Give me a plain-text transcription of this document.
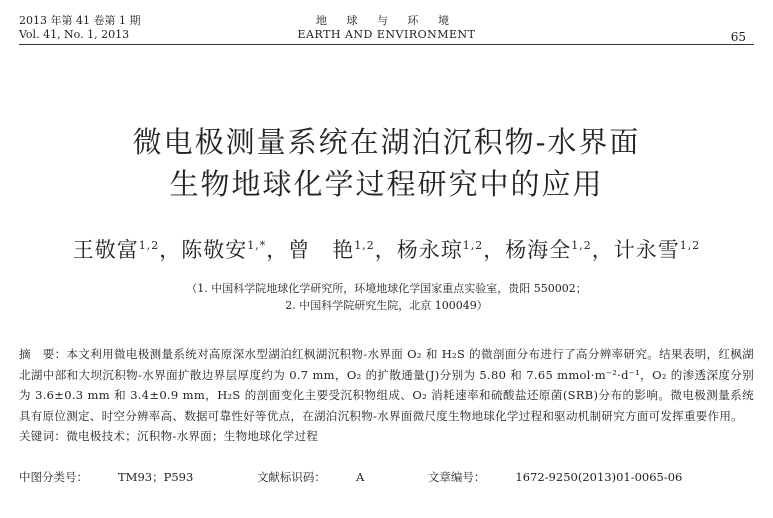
2013 年第 41 卷第 1 期
Vol. 41, No. 1, 2013
地 球 与 环 境
EARTH AND ENVIRONMENT	65
微电极测量系统在湖泊沉积物-水界面
生物地球化学过程研究中的应用
王敬富$^{1,2}$，陈敬安$^{1,*}$，曾　艳$^{1,2}$，杨永琼$^{1,2}$，杨海全$^{1,2}$，计永雪$^{1,2}$
（1. 中国科学院地球化学研究所，环境地球化学国家重点实验室，贵阳 550002；
2. 中国科学院研究生院，北京 100049）

摘　要：本文利用微电极测量系统对高原深水型湖泊红枫湖沉积物-水界面 O₂ 和 H₂S 的微剖面分布进行了高分辨率研究。结果表明，红枫湖北湖中部和大坝沉积物-水界面扩散边界层厚度约为 0.7 mm，O₂ 的扩散通量(J)分别为 5.80 和 7.65 mmol·m⁻²·d⁻¹，O₂ 的渗透深度分别为 3.6±0.3 mm 和 3.4±0.9 mm，H₂S 的剖面变化主要受沉积物组成、O₂ 消耗速率和硫酸盐还原菌(SRB)分布的影响。微电极测量系统具有原位测定、时空分辨率高、数据可靠性好等优点，在湖泊沉积物-水界面微尺度生物地球化学过程和驱动机制研究方面可发挥重要作用。

关键词：微电极技术；沉积物-水界面；生物地球化学过程

中图分类号：	TM93；P593	文献标识码：	A	文章编号：	1672-9250(2013)01-0065-06
